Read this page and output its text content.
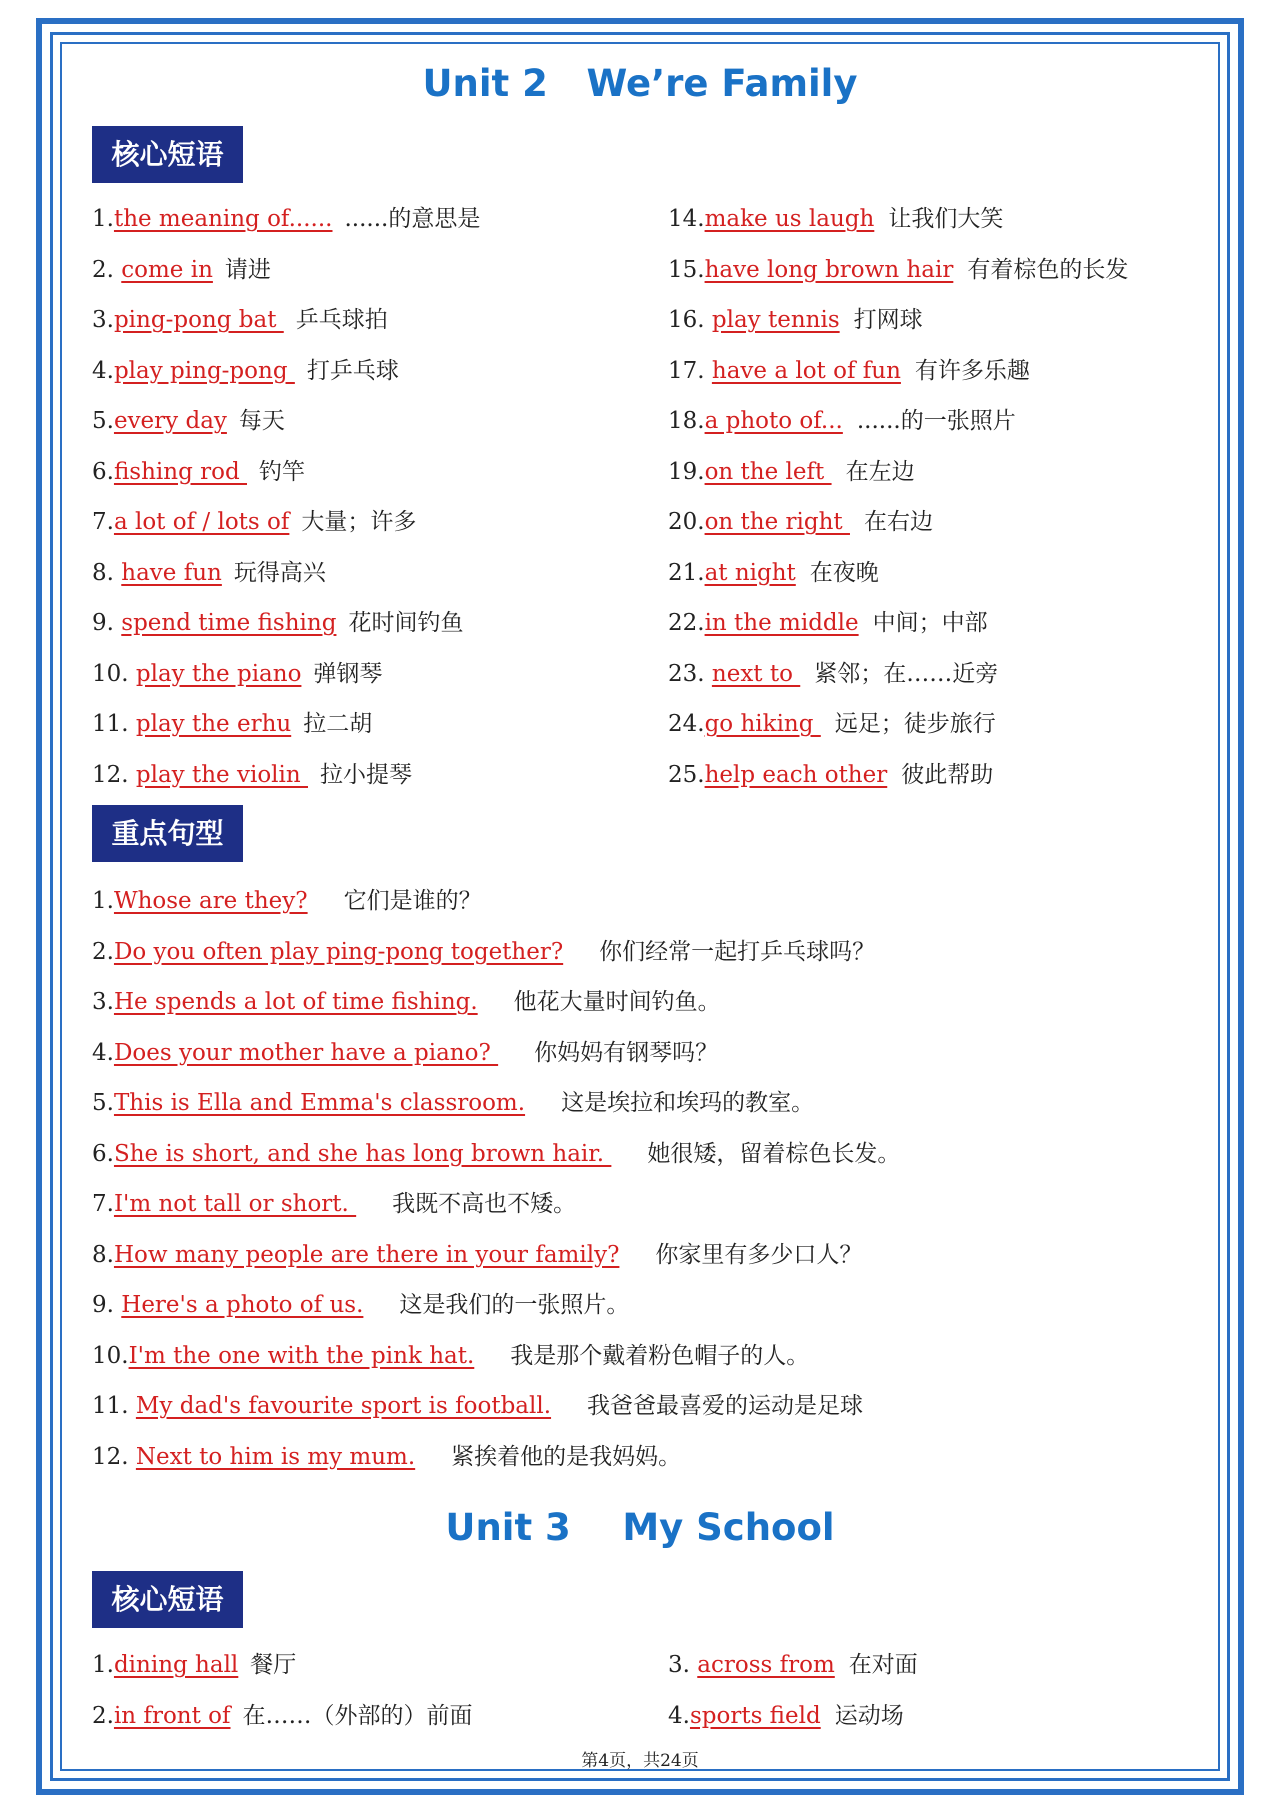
Unit 2   We’re Family
核心短语
1.the meaning of...... ......的意思是
2. come in 请进
3.ping-pong bat 乒乓球拍
4.play ping-pong 打乒乓球
5.every day 每天
6.fishing rod 钓竿
7.a lot of / lots of 大量；许多
8. have fun 玩得高兴
9. spend time fishing 花时间钓鱼
10. play the piano 弹钢琴
11. play the erhu 拉二胡
12. play the violin 拉小提琴
14.make us laugh 让我们大笑
15.have long brown hair 有着棕色的长发
16. play tennis 打网球
17. have a lot of fun 有许多乐趣
18.a photo of... ......的一张照片
19.on the left 在左边
20.on the right 在右边
21.at night 在夜晚
22.in the middle 中间；中部
23. next to 紧邻；在……近旁
24.go hiking 远足；徒步旅行
25.help each other 彼此帮助
重点句型
1.Whose are they? 它们是谁的？
2.Do you often play ping-pong together? 你们经常一起打乒乓球吗？
3.He spends a lot of time fishing. 他花大量时间钓鱼。
4.Does your mother have a piano? 你妈妈有钢琴吗？
5.This is Ella and Emma's classroom. 这是埃拉和埃玛的教室。
6.She is short, and she has long brown hair. 她很矮，留着棕色长发。
7.I'm not tall or short. 我既不高也不矮。
8.How many people are there in your family? 你家里有多少口人？
9. Here's a photo of us. 这是我们的一张照片。
10.I'm the one with the pink hat. 我是那个戴着粉色帽子的人。
11. My dad's favourite sport is football. 我爸爸最喜爱的运动是足球
12. Next to him is my mum. 紧挨着他的是我妈妈。
Unit 3    My School
核心短语
1.dining hall 餐厅
2.in front of 在……（外部的）前面
3. across from 在对面
4.sports field 运动场
第4页，共24页
